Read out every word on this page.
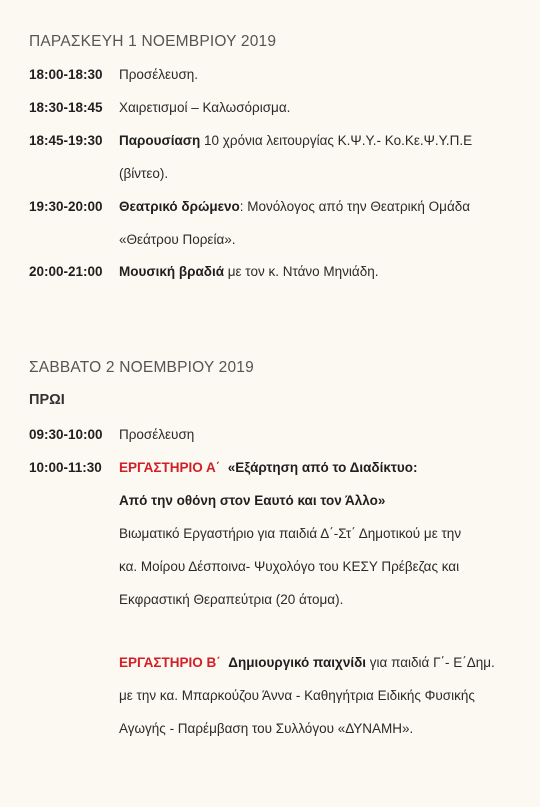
ΠΑΡΑΣΚΕΥΗ 1 ΝΟΕΜΒΡΙΟΥ 2019
18:00-18:30 Προσέλευση.
18:30-18:45 Χαιρετισμοί – Καλωσόρισμα.
18:45-19:30 Παρουσίαση 10 χρόνια λειτουργίας Κ.Ψ.Υ.- Κο.Κε.Ψ.Υ.Π.Ε
(βίντεο).
19:30-20:00 Θεατρικό δρώμενο: Μονόλογος από την Θεατρική Ομάδα
«Θεάτρου Πορεία».
20:00-21:00 Μουσική βραδιά με τον κ. Ντάνο Μηνιάδη.
ΣΑΒΒΑΤΟ 2 ΝΟΕΜΒΡΙΟΥ 2019
ΠΡΩΙ
09:30-10:00 Προσέλευση
10:00-11:30 ΕΡΓΑΣΤΗΡΙΟ Α΄ «Εξάρτηση από το Διαδίκτυο:
Από την οθόνη στον Εαυτό και τον Άλλο»
Βιωματικό Εργαστήριο για παιδιά Δ΄-Στ΄ Δημοτικού με την
κα. Μοίρου Δέσποινα- Ψυχολόγο του ΚΕΣΥ Πρέβεζας και
Εκφραστική Θεραπεύτρια (20 άτομα).
ΕΡΓΑΣΤΗΡΙΟ Β΄ Δημιουργικό παιχνίδι για παιδιά Γ΄- Ε΄Δημ.
με την κα. Μπαρκούζου Άννα - Καθηγήτρια Ειδικής Φυσικής
Αγωγής - Παρέμβαση του Συλλόγου «ΔΥΝΑΜΗ».
